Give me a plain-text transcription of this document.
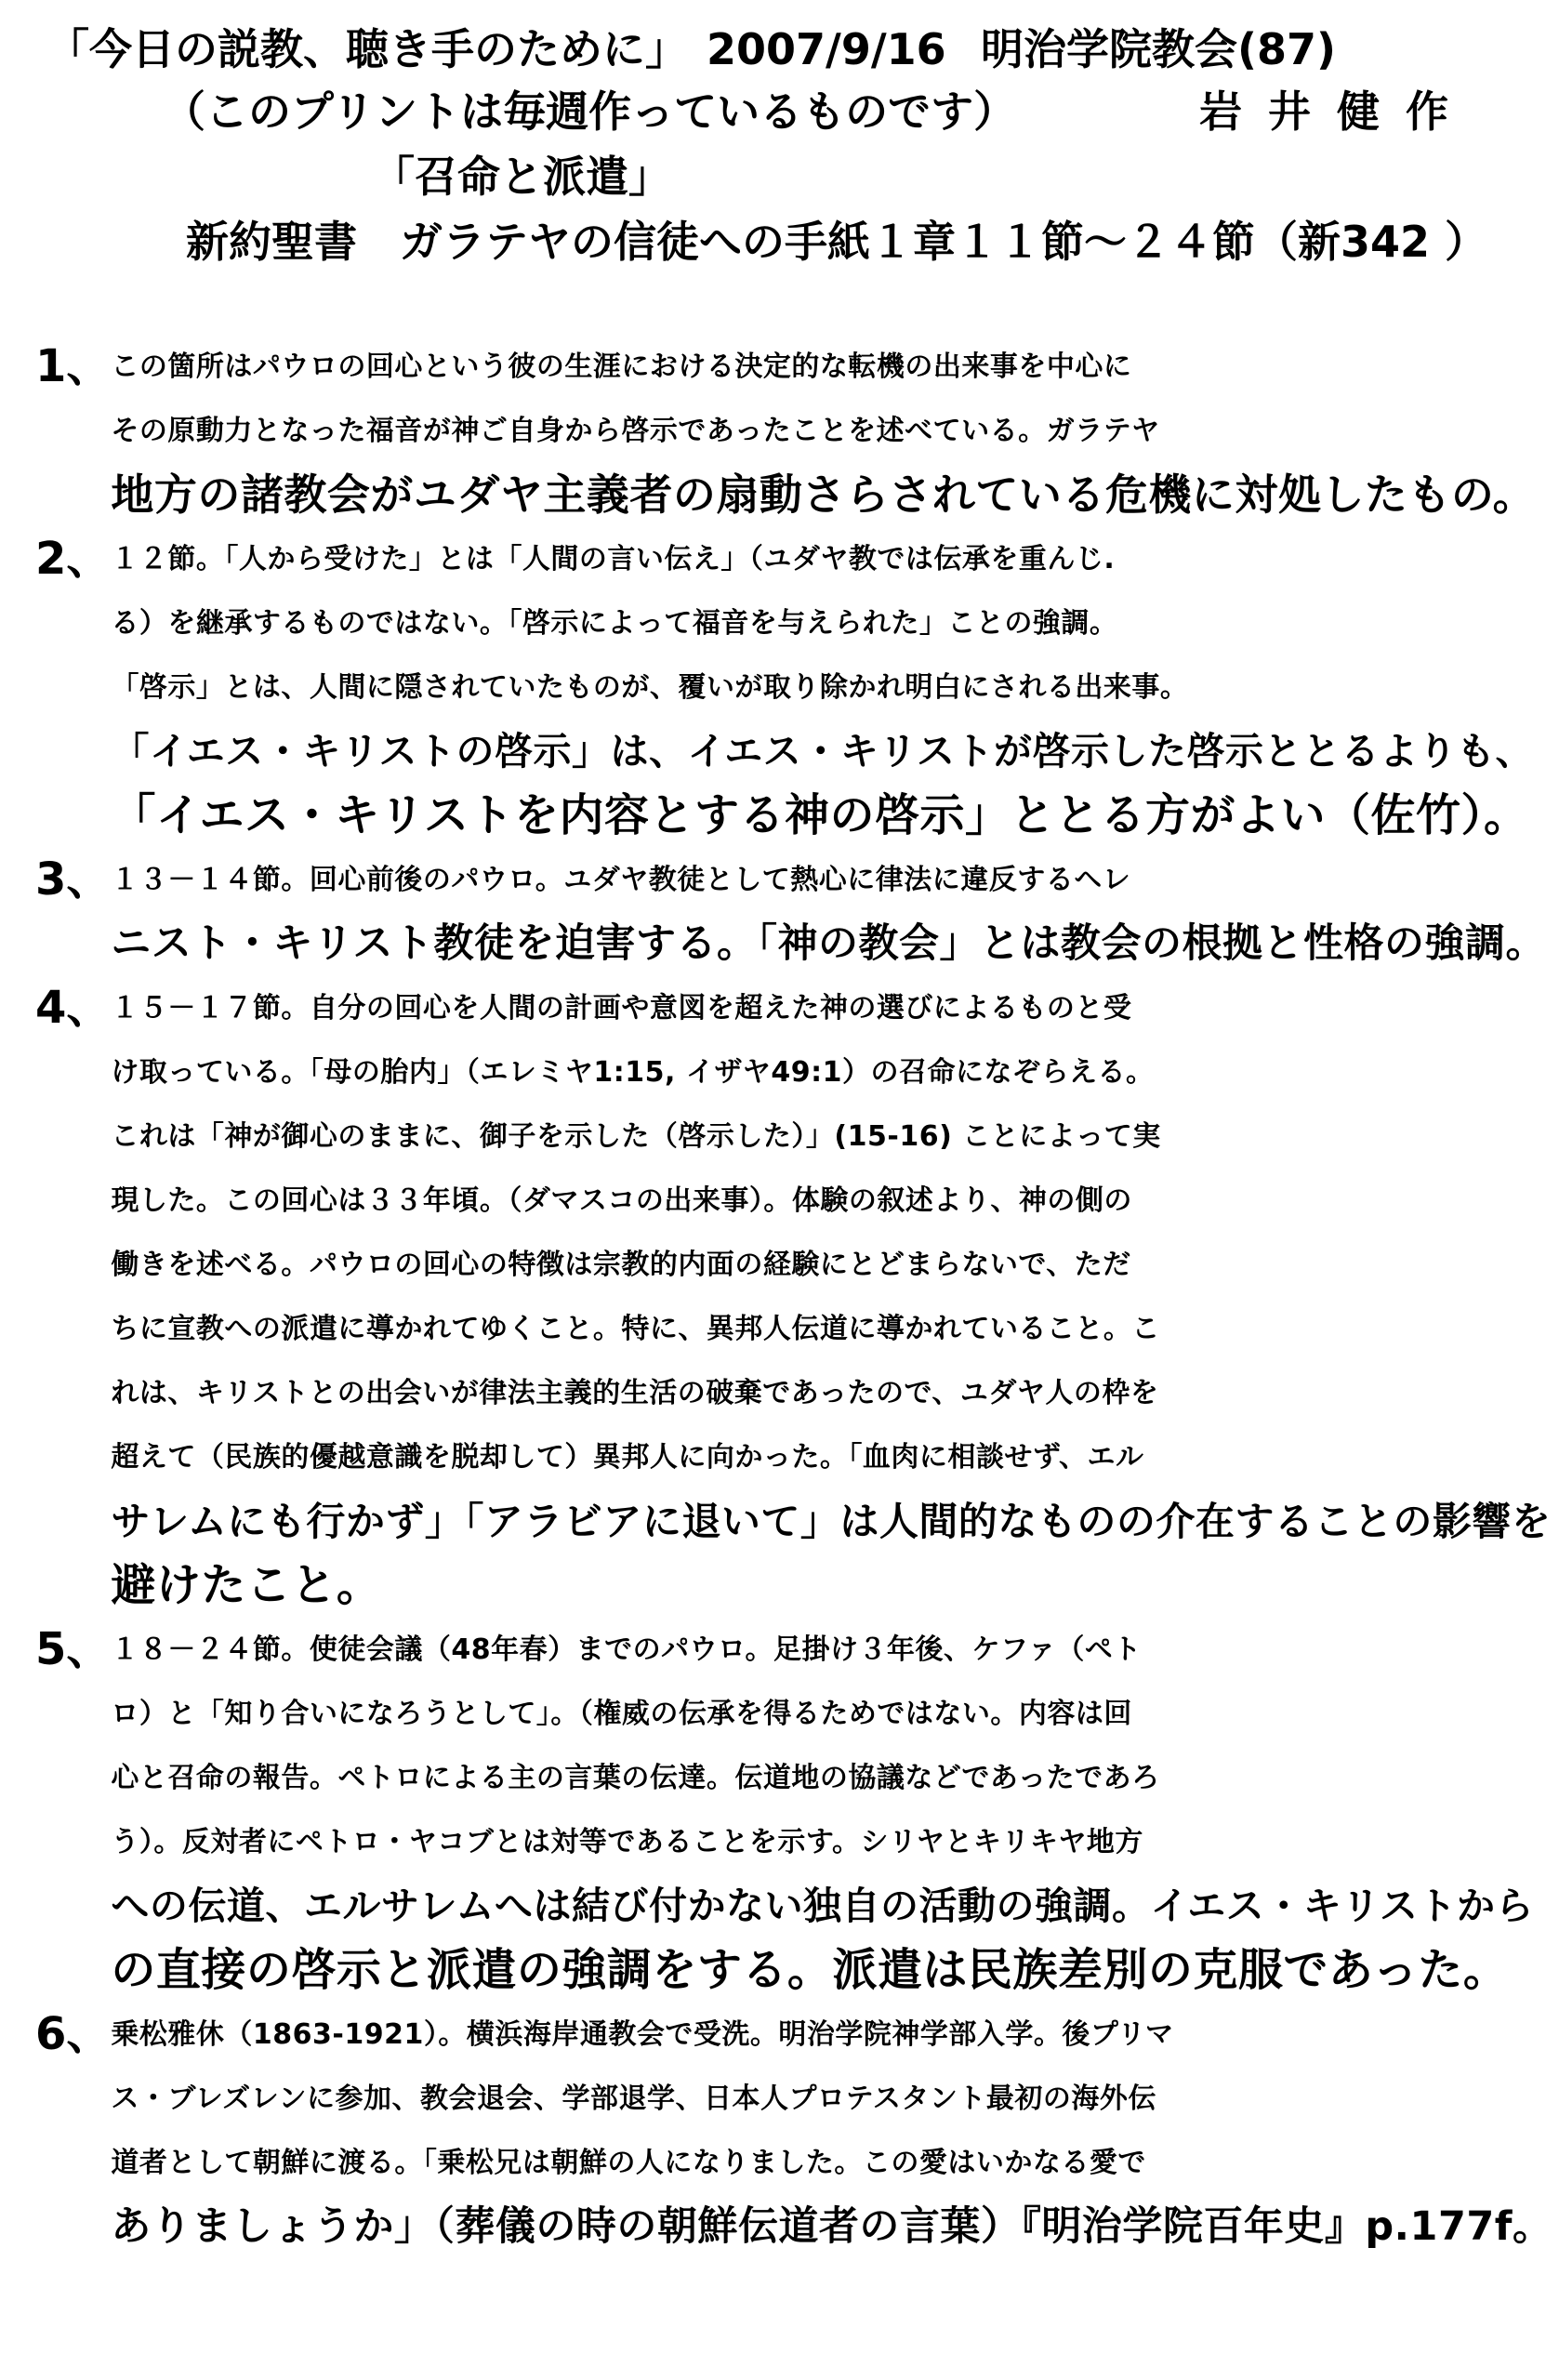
「今日の説教、聴き手のために」 2007/9/16 明治学院教会(87)
（このプリントは毎週作っているものです）	岩井健作
「召命と派遣」
新約聖書　ガラテヤの信徒への手紙１章１１節～２４節（新342 ）
1、 この箇所はパウロの回心という彼の生涯における決定的な転機の出来事を中心に
その原動力となった福音が神ご自身から啓示であったことを述べている。ガラテヤ
地方の諸教会がユダヤ主義者の扇動さらされている危機に対処したもの。
2、 １２節。「人から受けた」とは「人間の言い伝え」（ユダヤ教では伝承を重んじ.
る）を継承するものではない。「啓示によって福音を与えられた」ことの強調。
「啓示」とは、人間に隠されていたものが、覆いが取り除かれ明白にされる出来事。
「イエス・キリストの啓示」は、イエス・キリストが啓示した啓示ととるよりも、
「イエス・キリストを内容とする神の啓示」ととる方がよい（佐竹）。
3、 １３－１４節。回心前後のパウロ。ユダヤ教徒として熱心に律法に違反するヘレ
ニスト・キリスト教徒を迫害する。「神の教会」とは教会の根拠と性格の強調。
4、 １５－１７節。自分の回心を人間の計画や意図を超えた神の選びによるものと受
け取っている。「母の胎内」（エレミヤ1:15, イザヤ49:1）の召命になぞらえる。
これは「神が御心のままに、御子を示した（啓示した）」(15-16) ことによって実
現した。この回心は３３年頃。（ダマスコの出来事）。体験の叙述より、神の側の
働きを述べる。パウロの回心の特徴は宗教的内面の経験にとどまらないで、ただ
ちに宣教への派遣に導かれてゆくこと。特に、異邦人伝道に導かれていること。こ
れは、キリストとの出会いが律法主義的生活の破棄であったので、ユダヤ人の枠を
超えて（民族的優越意識を脱却して）異邦人に向かった。「血肉に相談せず、エル
サレムにも行かず」「アラビアに退いて」は人間的なものの介在することの影響を
避けたこと。
5、 １８－２４節。使徒会議（48年春）までのパウロ。足掛け３年後、ケファ（ペト
ロ）と「知り合いになろうとして」。（権威の伝承を得るためではない。内容は回
心と召命の報告。ペトロによる主の言葉の伝達。伝道地の協議などであったであろ
う）。反対者にペトロ・ヤコブとは対等であることを示す。シリヤとキリキヤ地方
への伝道、エルサレムへは結び付かない独自の活動の強調。イエス・キリストから
の直接の啓示と派遣の強調をする。派遣は民族差別の克服であった。
6、 乗松雅休（1863-1921）。横浜海岸通教会で受洗。明治学院神学部入学。後プリマ
ス・ブレズレンに参加、教会退会、学部退学、日本人プロテスタント最初の海外伝
道者として朝鮮に渡る。「乗松兄は朝鮮の人になりました。この愛はいかなる愛で
ありましょうか」（葬儀の時の朝鮮伝道者の言葉）『明治学院百年史』p.177f。
